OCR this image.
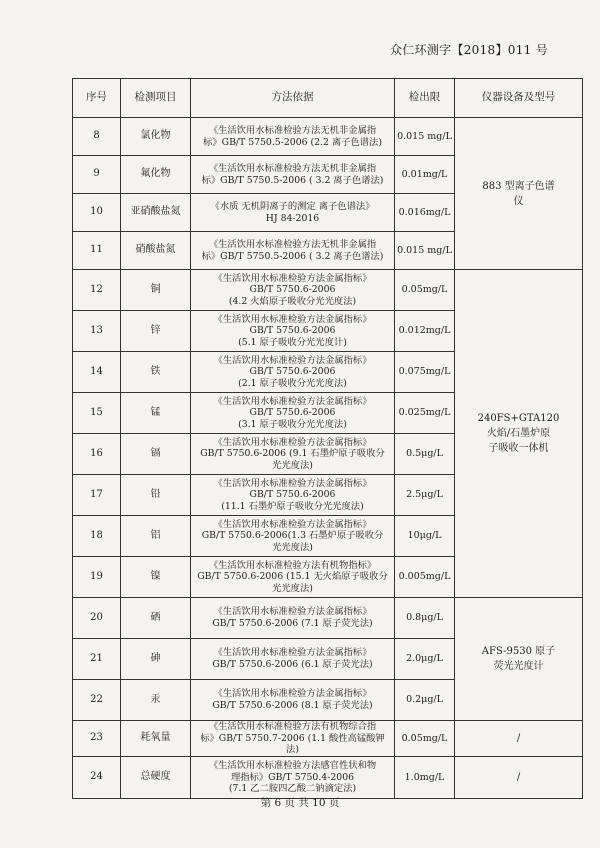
众仁环测字【2018】011 号
序号	检测项目	方法依据	检出限	仪器设备及型号
8	氯化物	《生活饮用水标准检验方法无机非金属指
标》GB/T 5750.5-2006 (2.2 离子色谱法)	0.015 mg/L	883 型离子色谱
仪

9	氟化物	《生活饮用水标准检验方法无机非金属指
标》GB/T 5750.5-2006 ( 3.2 离子色谱法)	0.01mg/L	
10	亚硝酸盐氮	《水质 无机阴离子的测定 离子色谱法》
HJ 84-2016	0.016mg/L	
11	硝酸盐氮	《生活饮用水标准检验方法无机非金属指
标》GB/T 5750.5-2006 ( 3.2 离子色谱法)	0.015 mg/L	
12	铜	《生活饮用水标准检验方法金属指标》
GB/T 5750.6-2006
(4.2 火焰原子吸收分光光度法)	0.05mg/L	240FS+GTA120
火焰/石墨炉原
子吸收一体机

13	锌	《生活饮用水标准检验方法金属指标》
GB/T 5750.6-2006
(5.1 原子吸收分光光度计)	0.012mg/L	
14	铁	《生活饮用水标准检验方法金属指标》
GB/T 5750.6-2006
(2.1 原子吸收分光光度法)	0.075mg/L	
15	锰	《生活饮用水标准检验方法金属指标》
GB/T 5750.6-2006
(3.1 原子吸收分光光度法)	0.025mg/L	
16	镉	《生活饮用水标准检验方法金属指标》
GB/T 5750.6-2006 (9.1 石墨炉原子吸收分
光光度法)	0.5μg/L	
17	铅	《生活饮用水标准检验方法金属指标》
GB/T 5750.6-2006
(11.1 石墨炉原子吸收分光光度法)	2.5μg/L	
18	铝	《生活饮用水标准检验方法金属指标》
GB/T 5750.6-2006(1.3 石墨炉原子吸收分
光光度法)	10μg/L	
19	镍	《生活饮用水标准检验方法有机物指标》
GB/T 5750.6-2006 (15.1 无火焰原子吸收分
光光度法)	0.005mg/L	
20	硒	《生活饮用水标准检验方法金属指标》
GB/T 5750.6-2006 (7.1 原子荧光法)	0.8μg/L	AFS-9530 原子
荧光光度计

21	砷	《生活饮用水标准检验方法金属指标》
GB/T 5750.6-2006 (6.1 原子荧光法)	2.0μg/L	
22	汞	《生活饮用水标准检验方法金属指标》
GB/T 5750.6-2006 (8.1 原子荧光法)	0.2μg/L	
23	耗氧量	《生活饮用水标准检验方法有机物综合指
标》GB/T 5750.7-2006 (1.1 酸性高锰酸钾
法)	0.05mg/L	/
24	总硬度	《生活饮用水标准检验方法感官性状和物
理指标》GB/T 5750.4-2006
(7.1 乙二胺四乙酸二钠滴定法)	1.0mg/L	/
第 6 页 共 10 页
